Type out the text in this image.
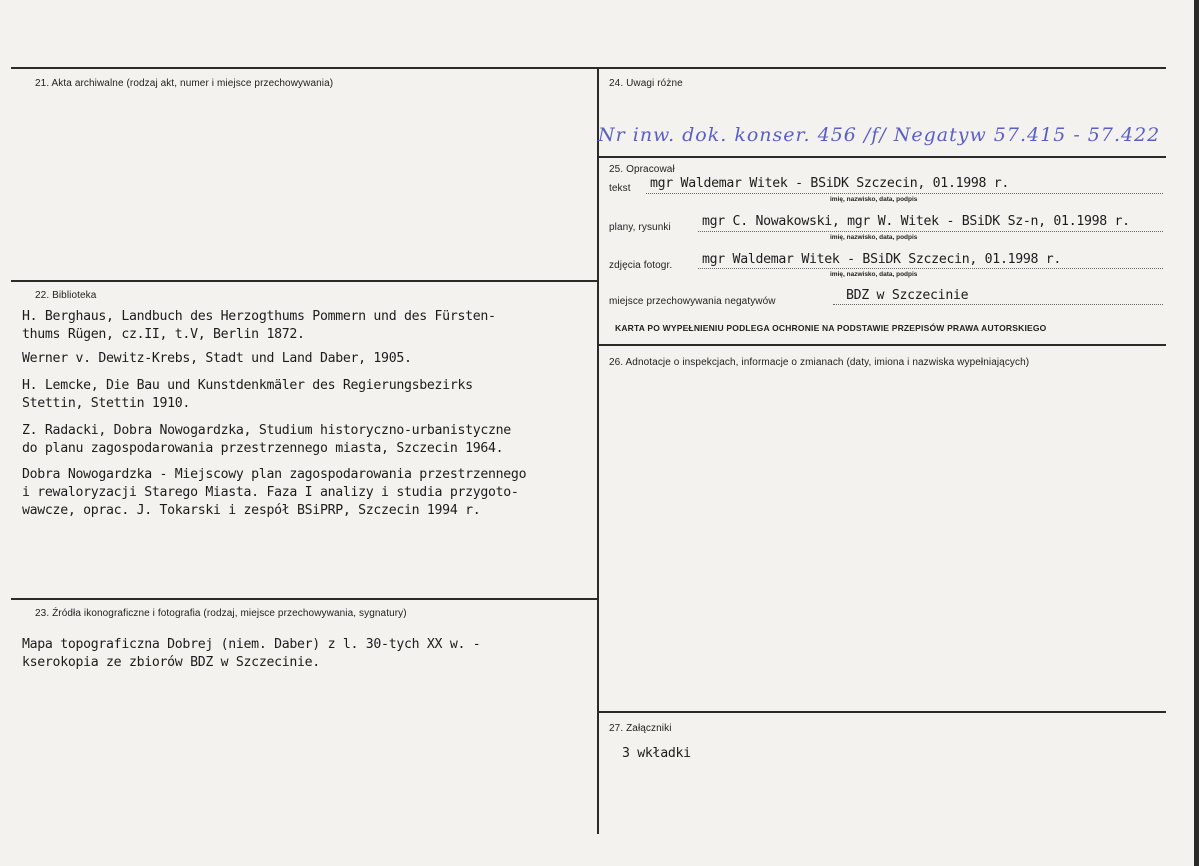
21. Akta archiwalne (rodzaj akt, numer i miejsce przechowywania)
22. Biblioteka
H. Berghaus, Landbuch des Herzogthums Pommern und des Fürsten-
thums Rügen, cz.II, t.V, Berlin 1872.
Werner v. Dewitz-Krebs, Stadt und Land Daber, 1905.
H. Lemcke, Die Bau und Kunstdenkmäler des Regierungsbezirks
Stettin, Stettin 1910.
Z. Radacki, Dobra Nowogardzka, Studium historyczno-urbanistyczne
do planu zagospodarowania przestrzennego miasta, Szczecin 1964.
Dobra Nowogardzka - Miejscowy plan zagospodarowania przestrzennego
i rewaloryzacji Starego Miasta. Faza I analizy i studia przygoto-
wawcze, oprac. J. Tokarski i zespół BSiPRP, Szczecin 1994 r.
23. Źródła ikonograficzne i fotografia (rodzaj, miejsce przechowywania, sygnatury)
Mapa topograficzna Dobrej (niem. Daber) z l. 30-tych XX w. -
kserokopia ze zbiorów BDZ w Szczecinie.
24. Uwagi różne
Nr inw. dok. konser. 456 /f/ Negatyw 57.415 - 57.422
25. Opracował
tekst mgr Waldemar Witek - BSiDK Szczecin, 01.1998 r.
imię, nazwisko, data, podpis
plany, rysunki mgr C. Nowakowski, mgr W. Witek - BSiDK Sz-n, 01.1998 r.
imię, nazwisko, data, podpis
zdjęcia fotogr. mgr Waldemar Witek - BSiDK Szczecin, 01.1998 r.
imię, nazwisko, data, podpis
miejsce przechowywania negatywów	BDZ w Szczecinie
KARTA PO WYPEŁNIENIU PODLEGA OCHRONIE NA PODSTAWIE PRZEPISÓW PRAWA AUTORSKIEGO
26. Adnotacje o inspekcjach, informacje o zmianach (daty, imiona i nazwiska wypełniających)
27. Załączniki
3 wkładki
